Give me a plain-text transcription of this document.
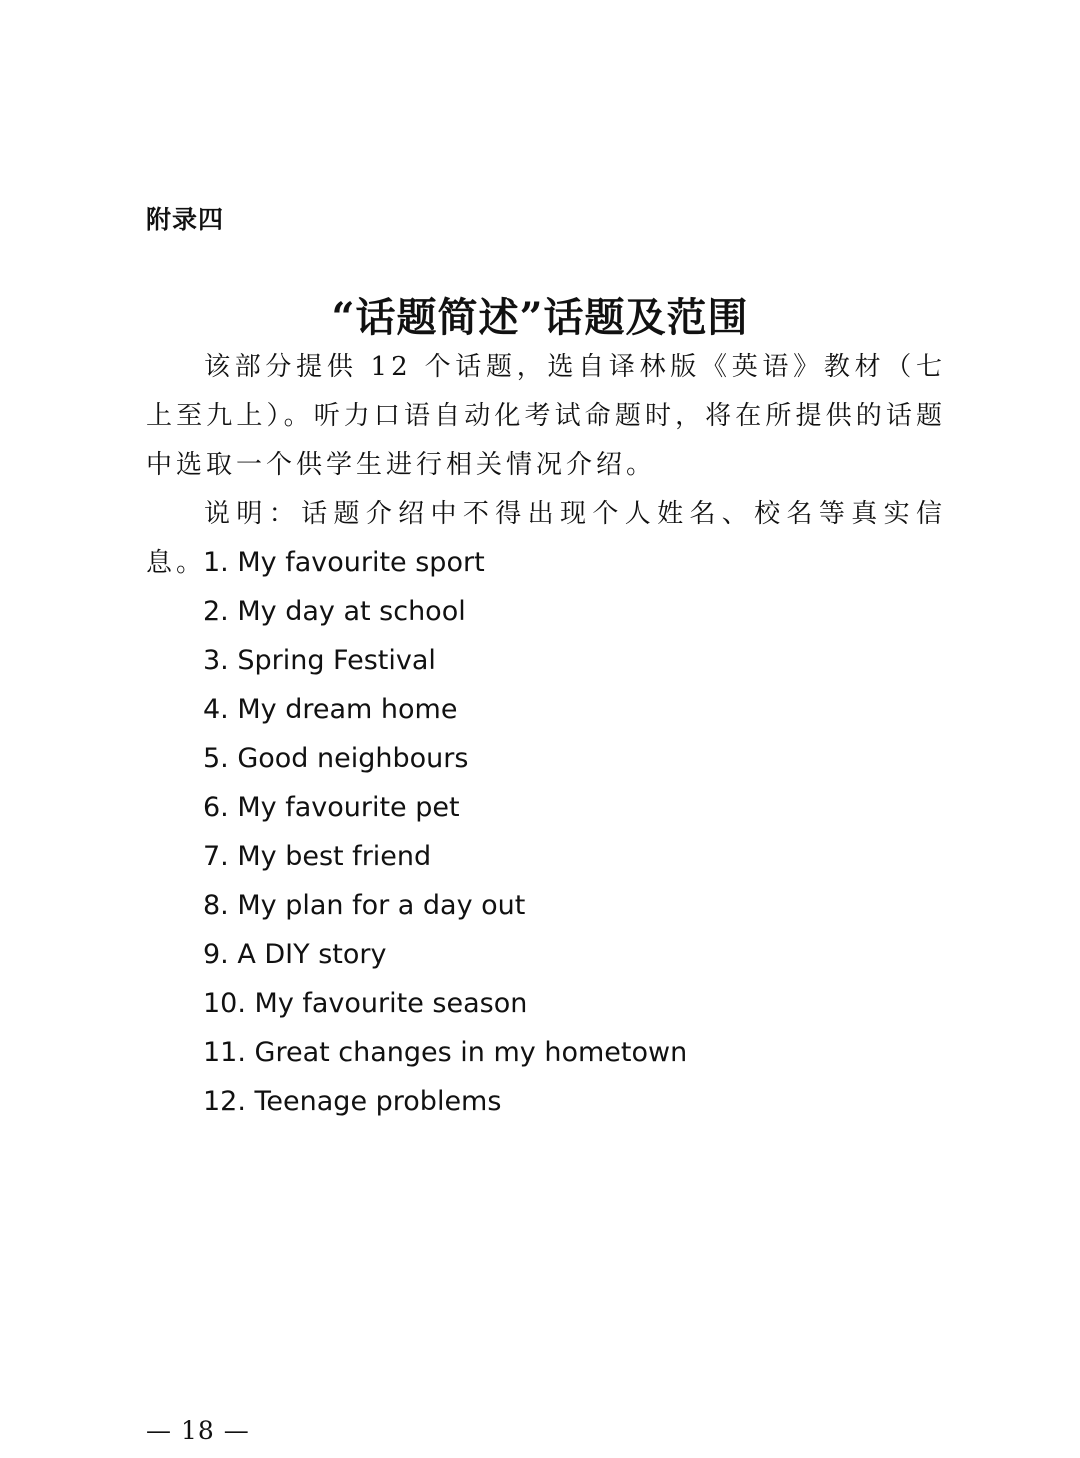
附录四
“话题简述”话题及范围
该部分提供 12 个话题，选自译林版《英语》教材（七上至九上）。听力口语自动化考试命题时，将在所提供的话题中选取一个供学生进行相关情况介绍。
说明：话题介绍中不得出现个人姓名、校名等真实信息。
1. My favourite sport
2. My day at school
3. Spring Festival
4. My dream home
5. Good neighbours
6. My favourite pet
7. My best friend
8. My plan for a day out
9. A DIY story
10. My favourite season
11. Great changes in my hometown
12. Teenage problems
— 18 —
